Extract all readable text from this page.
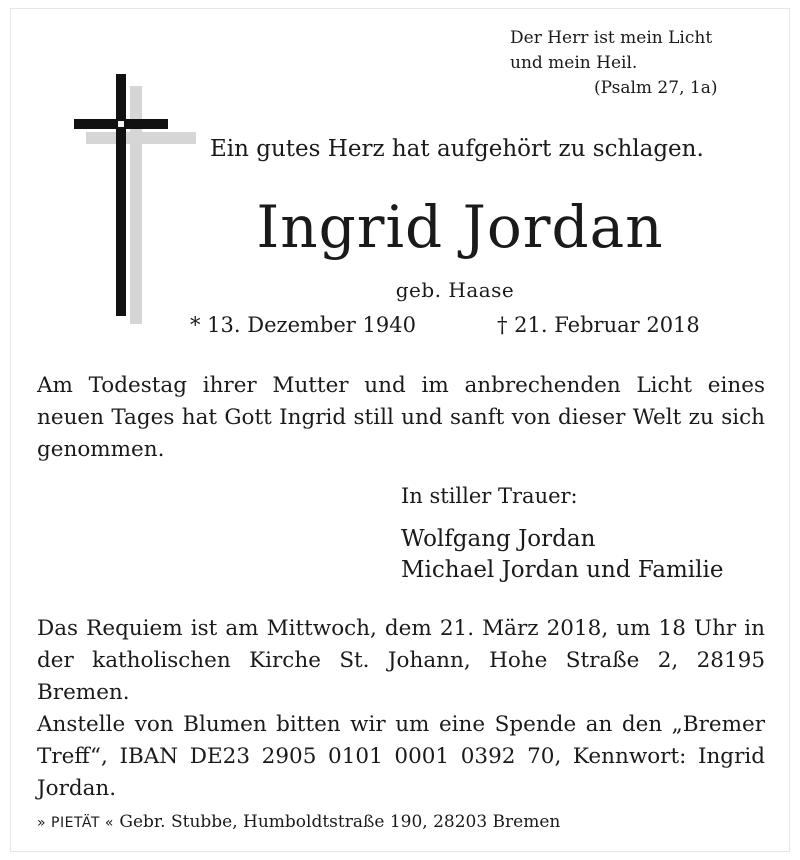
Der Herr ist mein Licht
und mein Heil.

(Psalm 27, 1a)
Ein gutes Herz hat aufgehört zu schlagen.
Ingrid Jordan
geb. Haase
* 13. Dezember 1940	† 21. Februar 2018

Am Todestag ihrer Mutter und im anbrechenden Licht eines neuen Tages hat Gott Ingrid still und sanft von dieser Welt zu sich genommen.

In stiller Trauer:
Wolfgang Jordan
Michael Jordan und Familie

Das Requiem ist am Mittwoch, dem 21. März 2018, um 18 Uhr in der katholischen Kirche St. Johann, Hohe Straße 2, 28195 Bremen.

Anstelle von Blumen bitten wir um eine Spende an den „Bremer Treff“, IBAN DE23 2905 0101 0001 0392 70, Kennwort: Ingrid Jordan.

» PIETÄT « Gebr. Stubbe, Humboldtstraße 190, 28203 Bremen
